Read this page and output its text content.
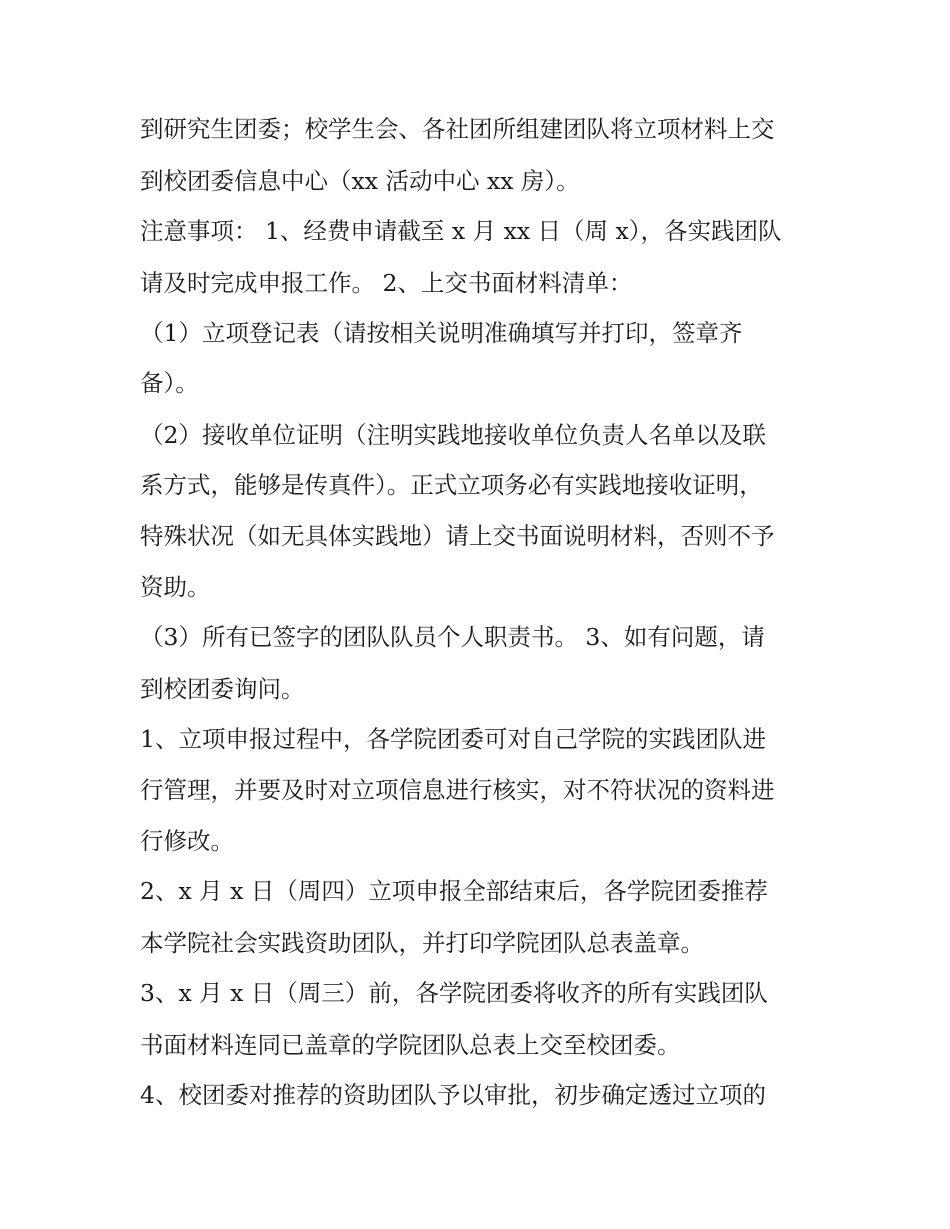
到研究生团委；校学生会、各社团所组建团队将立项材料上交

到校团委信息中心（xx 活动中心 xx 房）。

注意事项： 1、经费申请截至 x 月 xx 日（周 x），各实践团队

请及时完成申报工作。 2、上交书面材料清单：

（1）立项登记表（请按相关说明准确填写并打印，签章齐

备）。

（2）接收单位证明（注明实践地接收单位负责人名单以及联

系方式，能够是传真件）。正式立项务必有实践地接收证明，

特殊状况（如无具体实践地）请上交书面说明材料，否则不予

资助。

（3）所有已签字的团队队员个人职责书。 3、如有问题，请

到校团委询问。

1、立项申报过程中，各学院团委可对自己学院的实践团队进

行管理，并要及时对立项信息进行核实，对不符状况的资料进

行修改。

2、x 月 x 日（周四）立项申报全部结束后，各学院团委推荐

本学院社会实践资助团队，并打印学院团队总表盖章。

3、x 月 x 日（周三）前，各学院团委将收齐的所有实践团队

书面材料连同已盖章的学院团队总表上交至校团委。

4、校团委对推荐的资助团队予以审批，初步确定透过立项的
